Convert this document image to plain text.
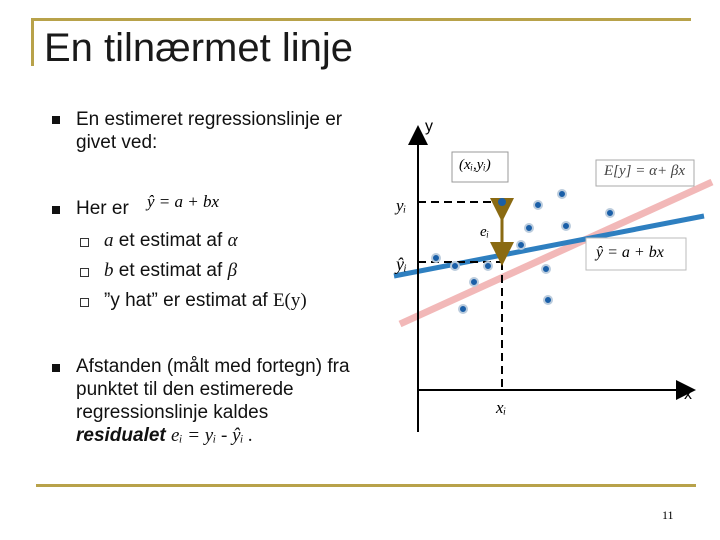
En tilnærmet linje
En estimeret regressionslinje er
givet ved:
Her er ŷ = a + bx
a et estimat af α
b et estimat af β
”y hat” er estimat af E(y)
Afstanden (målt med fortegn) fra
punktet til den estimerede
regressionslinje kaldes
residualet eᵢ = yᵢ - ŷᵢ .
y
x
(xᵢ,yᵢ)	E[y] = α+ βx
ŷ = a + bx
yᵢ
ŷᵢ
eᵢ
xᵢ
11
